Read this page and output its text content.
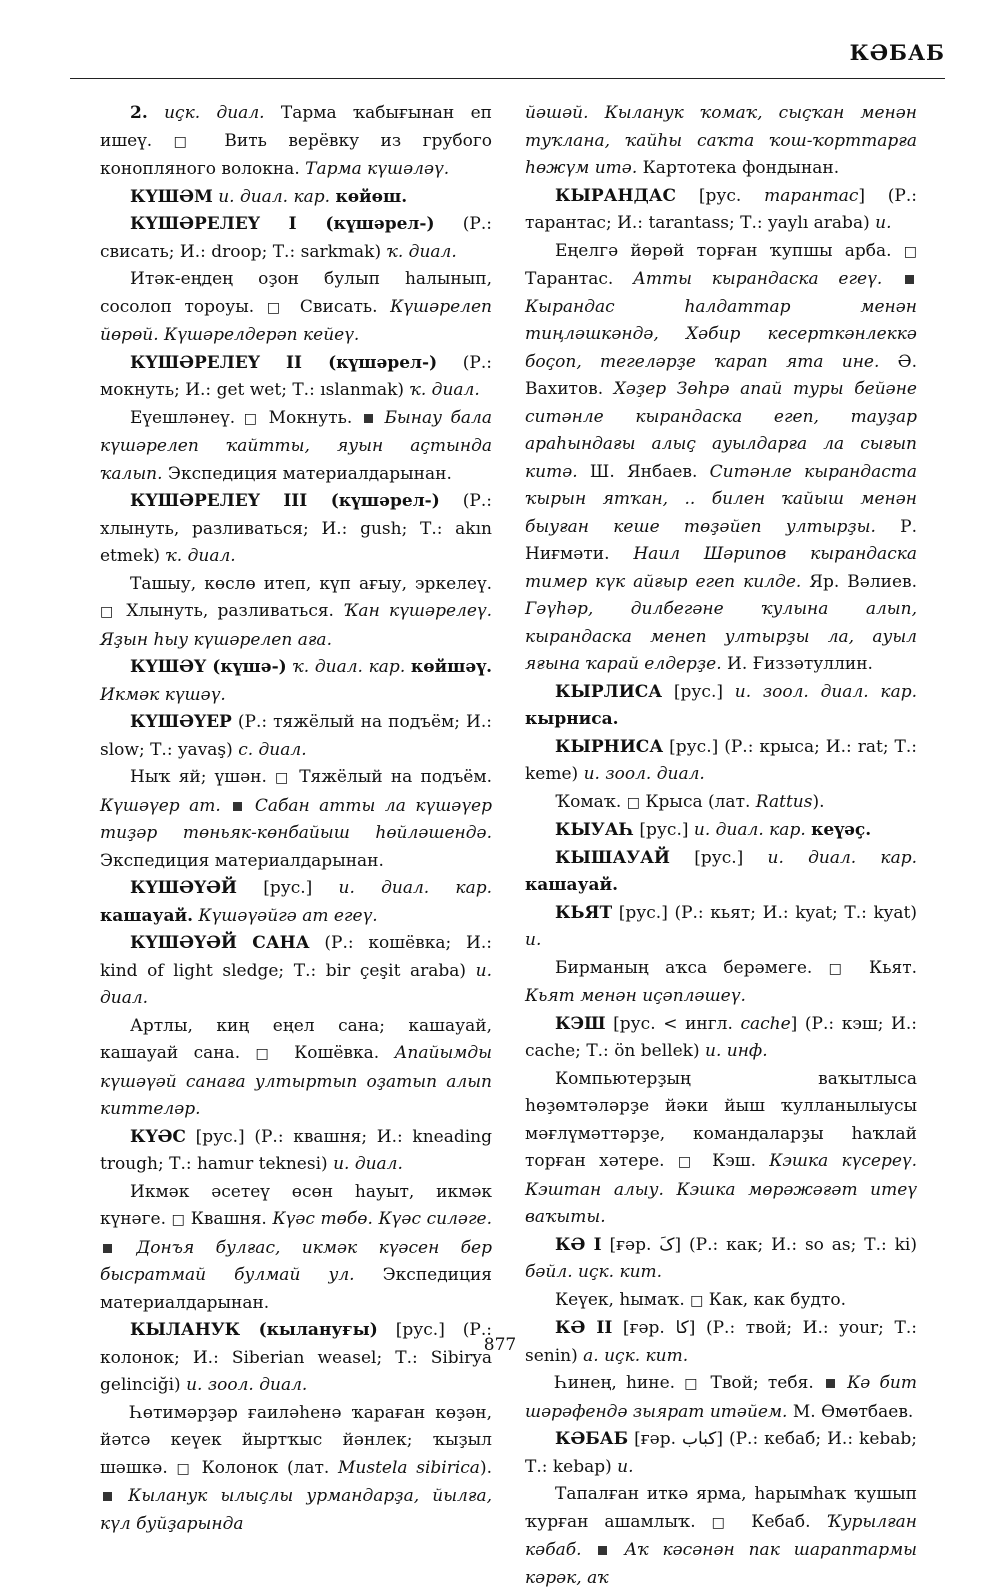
КӘБАБ

2. иҫк. диал. Тарма ҡабығынан еп ишеү. □ Вить верёвку из грубого конопляного волокна. Тарма күшәләү.

КҮШӘМ и. диал. кар. көйөш.

КҮШӘРЕЛЕҮ I (күшәрел-) (Р.: свисать; И.: droop; Т.: sarkmak) ҡ. диал.

Итәк-еңдең оҙон булып һалынып, сосолоп тороуы. □ Свисать. Күшәрелеп йөрөй. Күшәрелдерәп кейеү.

КҮШӘРЕЛЕҮ II (күшәрел-) (Р.: мокнуть; И.: get wet; Т.: ıslanmak) ҡ. диал.

Еүешләнеү. □ Мокнуть.  Бынау бала күшәрелеп ҡайтты, яуын аҫтында ҡалып. Экспедиция материалдарынан.

КҮШӘРЕЛЕҮ III (күшәрел-) (Р.: хлынуть, разливаться; И.: gush; Т.: akın etmek) ҡ. диал.

Ташыу, көслө итеп, күп ағыу, эркелеү. □ Хлынуть, разливаться. Ҡан күшәрелеү. Яҙын һыу күшәрелеп аға.

КҮШӘҮ (күшә-) ҡ. диал. кар. көйшәү. Икмәк күшәү.

КҮШӘҮЕР (Р.: тяжёлый на подъём; И.: slow; Т.: yavaş) с. диал.

Ныҡ яй; үшән. □ Тяжёлый на подъём. Күшәүер ат. Сабан атты ла күшәүер тиҙәр төньяк-көнбайыш һөйләшендә. Экспедиция материалдарынан.

КҮШӘҮӘЙ [рус.] и. диал. кар. кашауай. Күшәүәйгә ат егеү.

КҮШӘҮӘЙ САНА (Р.: кошёвка; И.: kind of light sledge; Т.: bir çeşit araba) и. диал.

Артлы, киң еңел сана; кашауай, кашауай сана. □ Кошёвка. Апайымды күшәүәй санаға ултыртып оҙатып алып киттеләр.

КҮӘС [рус.] (Р.: квашня; И.: kneading trough; Т.: hamur teknesi) и. диал.

Икмәк әсетеү өсөн һауыт, икмәк күнәге. □ Квашня. Күәс төбө. Күәс силәге.  Донъя булғас, икмәк күәсен бер бысратмай булмай ул. Экспедиция материалдарынан.

КЫЛАНУК (кылануғы) [рус.] (Р.: колонок; И.: Siberian weasel; Т.: Sibirya gelinciği) и. зоол. диал.

Һөтимәрҙәр ғаиләһенә ҡараған көҙән, йәтсә кеүек йыртҡыс йәнлек; ҡыҙыл шәшкә. □ Колонок (лат. Mustela sibirica).  Кыланук ылыҫлы урмандарҙа, йылға, күл буйҙарында

йәшәй. Кыланук ҡомаҡ, сыҫҡан менән туҡлана, ҡайһы саҡта ҡош-ҡорттарға һөжүм итә. Картотека фондынан.

КЫРАНДАС [рус. тарантас] (Р.: тарантас; И.: tarantass; Т.: yaylı araba) и.

Еңелгә йөрөй торған ҡупшы арба. □ Тарантас. Атты кырандаска егеү.  Кырандас һалдаттар менән тиңләшкәндә, Хәбир кесерткәнлеккә боҫоп, тегеләрҙе ҡарап ята ине. Ә. Вахитов. Хәҙер Зөһрә апай туры бейәне ситәнле кырандаска егеп, тауҙар араһындағы алыҫ ауылдарға ла сығып китә. Ш. Янбаев. Ситәнле кырандаста ҡырын ятҡан, .. билен ҡайыш менән быуған кеше төҙәйеп ултырҙы. Р. Ниғмәти. Наил Шәрипов кырандаска тимер күк айғыр егеп килде. Яр. Вәлиев. Гәүһәр, дилбегәне ҡулына алып, кырандаска менеп ултырҙы ла, ауыл яғына ҡарай елдерҙе. И. Ғиззәтуллин.

КЫРЛИСА [рус.] и. зоол. диал. кар. кырниса.

КЫРНИСА [рус.] (Р.: крыса; И.: rat; Т.: keme) и. зоол. диал.

Ҡомаҡ. □ Крыса (лат. Rattus).

КЫУАҺ [рус.] и. диал. кар. кеүәҫ.

КЫШАУАЙ [рус.] и. диал. кар. кашауай.

КЬЯТ [рус.] (Р.: кьят; И.: kyat; Т.: kyat) и.

Бирманың аҡса берәмеге. □ Кьят. Кьят менән иҫәпләшеү.

КЭШ [рус. < ингл. cache] (Р.: кэш; И.: cache; Т.: ön bellek) и. инф.

Компьютерҙың ваҡытлыса һөҙөмтәләрҙе йәки йыш ҡулланылыусы мәғлүмәттәрҙе, командаларҙы һаҡлай торған хәтере. □ Кэш. Кэшка күсереү. Кэштан алыу. Кэшка мөрәжәғәт итеү ваҡыты.

КӘ I [ғәр. کَ] (Р.: как; И.: so as; Т.: ki) бәйл. иҫк. кит.

Кеүек, һымаҡ. □ Как, как будто.

КӘ II [ғәр. کا] (Р.: твой; И.: your; Т.: senin) а. иҫк. кит.

Һинең, һине. □ Твой; тебя.  Кә бит шәрәфендә зыярат итәйем. М. Өмөтбаев.

КӘБАБ [ғәр. کباب] (Р.: кебаб; И.: kebab; Т.: kebap) и.

Тапалған иткә ярма, һарымһаҡ ҡушып ҡурған ашамлыҡ. □ Кебаб. Ҡурылған кәбаб.	Аҡ кәсәнән пак шараптармы кәрәк, аҡ

877
